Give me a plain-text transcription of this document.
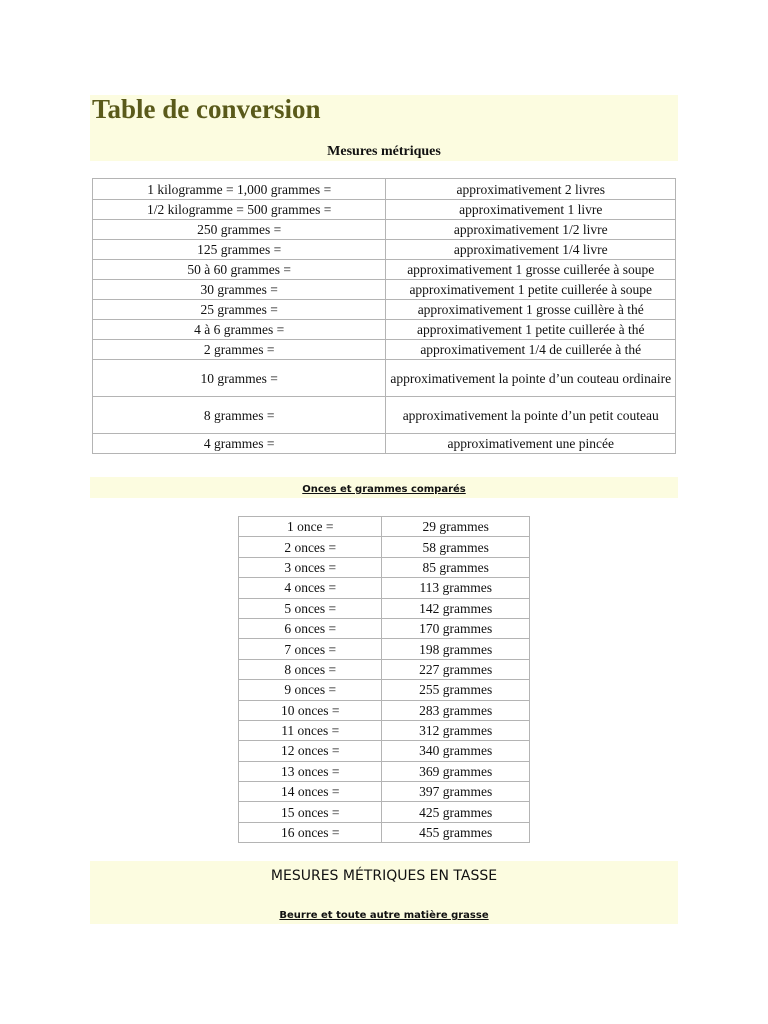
Table de conversion
Mesures métriques
1 kilogramme = 1,000 grammes =	approximativement 2 livres
1/2 kilogramme = 500 grammes =	approximativement 1 livre
250 grammes =	approximativement 1/2 livre
125 grammes =	approximativement 1/4 livre
50 à 60 grammes =	approximativement 1 grosse cuillerée à soupe
30 grammes =	approximativement 1 petite cuillerée à soupe
25 grammes =	approximativement 1 grosse cuillère à thé
4 à 6 grammes =	approximativement 1 petite cuillerée à thé
2 grammes =	approximativement 1/4 de cuillerée à thé
10 grammes =	approximativement la pointe d’un couteau ordinaire
8 grammes =	approximativement la pointe d’un petit couteau
4 grammes =	approximativement une pincée
Onces et grammes comparés
1 once =	29 grammes
2 onces =	58 grammes
3 onces =	85 grammes
4 onces =	113 grammes
5 onces =	142 grammes
6 onces =	170 grammes
7 onces =	198 grammes
8 onces =	227 grammes
9 onces =	255 grammes
10 onces =	283 grammes
11 onces =	312 grammes
12 onces =	340 grammes
13 onces =	369 grammes
14 onces =	397 grammes
15 onces =	425 grammes
16 onces =	455 grammes
MESURES MÉTRIQUES EN TASSE
Beurre et toute autre matière grasse
